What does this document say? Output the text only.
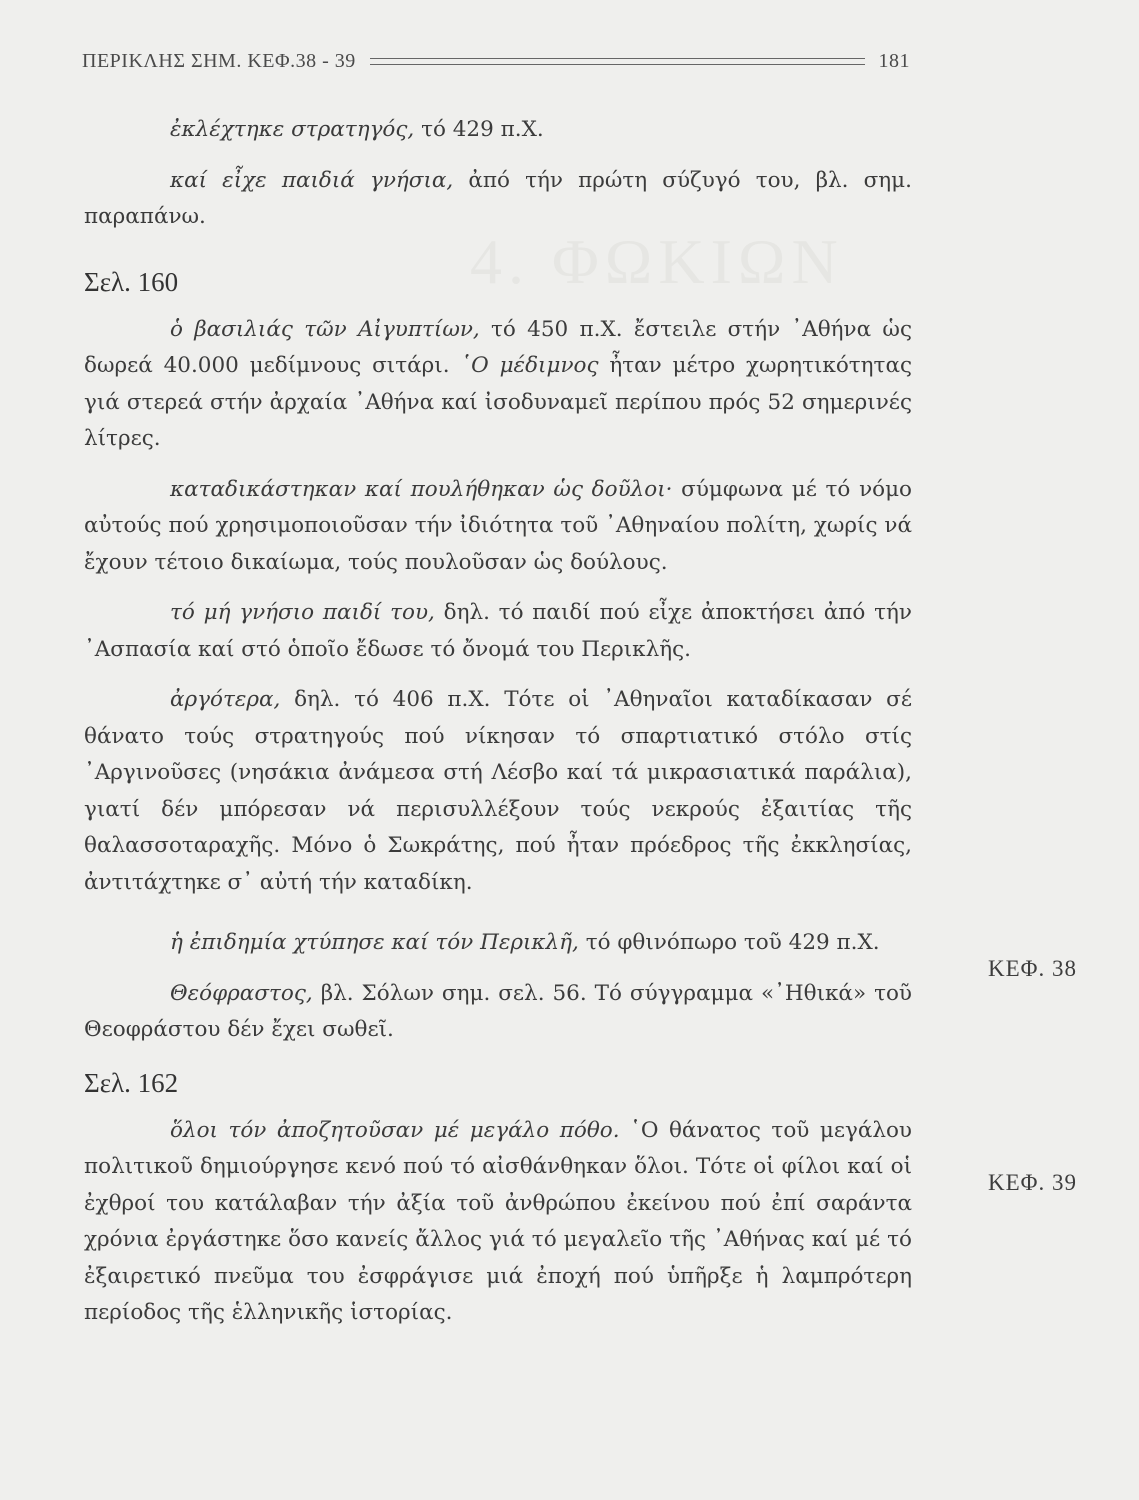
4. ΦΩΚΙΩΝ
ΠΕΡΙΚΛΗΣ ΣΗΜ. ΚΕΦ.38 - 39	181

ἐκλέχτηκε στρατηγός, τό 429 π.Χ.

καί εἶχε παιδιά γνήσια, ἀπό τήν πρώτη σύζυγό του, βλ. σημ. παραπάνω.

Σελ. 160

ὁ βασιλιάς τῶν Αἰγυπτίων, τό 450 π.Χ. ἔστειλε στήν ᾿Αθήνα ὡς δωρεά 40.000 μεδίμνους σιτάρι. ῾Ο μέδιμνος ἦταν μέτρο χωρητικότητας γιά στερεά στήν ἀρχαία ᾿Αθήνα καί ἰσοδυναμεῖ περίπου πρός 52 σημερινές λίτρες.

καταδικάστηκαν καί πουλήθηκαν ὡς δοῦλοι· σύμφωνα μέ τό νόμο αὐτούς πού χρησιμοποιοῦσαν τήν ἰδιότητα τοῦ ᾿Αθηναίου πολίτη, χωρίς νά ἔχουν τέτοιο δικαίωμα, τούς πουλοῦσαν ὡς δούλους.

τό μή γνήσιο παιδί του, δηλ. τό παιδί πού εἶχε ἀποκτήσει ἀπό τήν ᾿Ασπασία καί στό ὁποῖο ἔδωσε τό ὄνομά του Περικλῆς.

ἀργότερα, δηλ. τό 406 π.Χ. Τότε οἱ ᾿Αθηναῖοι καταδίκασαν σέ θάνατο τούς στρατηγούς πού νίκησαν τό σπαρτιατικό στόλο στίς ᾿Αργινοῦσες (νησάκια ἀνάμεσα στή Λέσβο καί τά μικρασιατικά παράλια), γιατί δέν μπόρεσαν νά περισυλλέξουν τούς νεκρούς ἐξαιτίας τῆς θαλασσοταραχῆς. Μόνο ὁ Σωκράτης, πού ἦταν πρόεδρος τῆς ἐκκλησίας, ἀντιτάχτηκε σ᾿ αὐτή τήν καταδίκη.

ἡ ἐπιδημία χτύπησε καί τόν Περικλῆ, τό φθινόπωρο τοῦ 429 π.Χ.

Θεόφραστος, βλ. Σόλων σημ. σελ. 56. Τό σύγγραμμα «᾿Ηθικά» τοῦ Θεοφράστου δέν ἔχει σωθεῖ.

Σελ. 162

ὅλοι τόν ἀποζητοῦσαν μέ μεγάλο πόθο. ῾Ο θάνατος τοῦ μεγάλου πολιτικοῦ δημιούργησε κενό πού τό αἰσθάνθηκαν ὅλοι. Τότε οἱ φίλοι καί οἱ ἐχθροί του κατάλαβαν τήν ἀξία τοῦ ἀνθρώπου ἐκείνου πού ἐπί σαράντα χρόνια ἐργάστηκε ὅσο κανείς ἄλλος γιά τό μεγαλεῖο τῆς ᾿Αθήνας καί μέ τό ἐξαιρετικό πνεῦμα του ἐσφράγισε μιά ἐποχή πού ὑπῆρξε ἡ λαμπρότερη περίοδος τῆς ἑλληνικῆς ἱστορίας.

ΚΕΦ. 38
ΚΕΦ. 39
